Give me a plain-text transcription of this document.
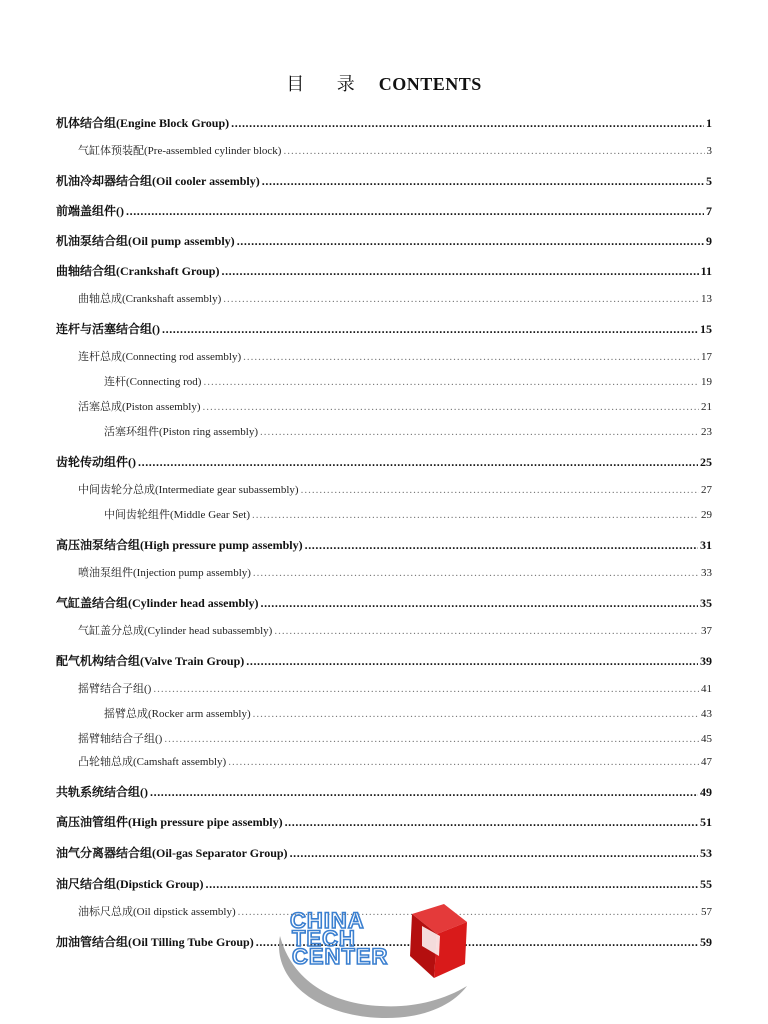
目 录 CONTENTS
机体结合组(Engine Block Group) .....	1
气缸体预装配(Pre-assembled cylinder block) .....	3
机油冷却器结合组(Oil cooler assembly) .....	5
前端盖组件() .....	7
机油泵结合组(Oil pump assembly) .....	9
曲轴结合组(Crankshaft Group) .....	11
曲轴总成(Crankshaft assembly) .....	13
连杆与活塞结合组() .....	15
连杆总成(Connecting rod assembly) .....	17
连杆(Connecting rod) .....	19
活塞总成(Piston assembly) .....	21
活塞环组件(Piston ring assembly) .....	23
齿轮传动组件() .....	25
中间齿轮分总成(Intermediate gear subassembly) .....	27
中间齿轮组件(Middle Gear Set) .....	29
高压油泵结合组(High pressure pump assembly) .....	31
喷油泵组件(Injection pump assembly) .....	33
气缸盖结合组(Cylinder head assembly) .....	35
气缸盖分总成(Cylinder head subassembly) .....	37
配气机构结合组(Valve Train Group) .....	39
摇臂结合子组() .....	41
摇臂总成(Rocker arm assembly) .....	43
摇臂轴结合子组() .....	45
凸轮轴总成(Camshaft assembly) .....	47
共轨系统结合组() .....	49
高压油管组件(High pressure pipe assembly) .....	51
油气分离器结合组(Oil-gas Separator Group) .....	53
油尺结合组(Dipstick Group) .....	55
油标尺总成(Oil dipstick assembly) .....	57
加油管结合组(Oil Tilling Tube Group) .....	59
CHINA
TECH
CENTER
